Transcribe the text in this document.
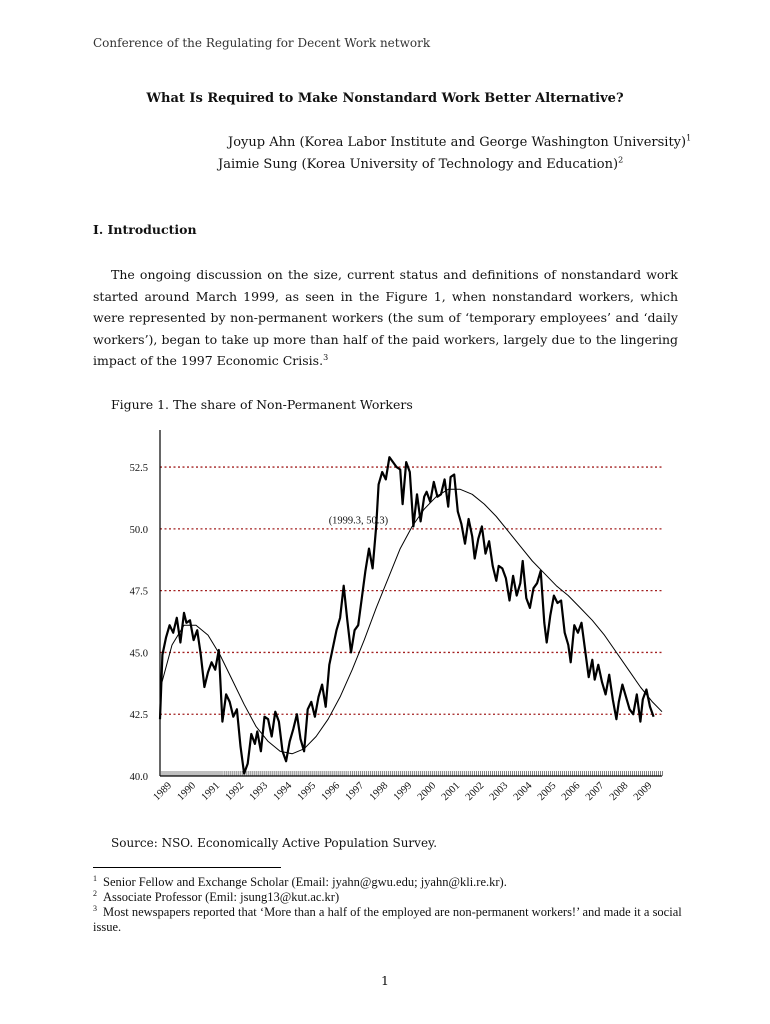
Conference of the Regulating for Decent Work network
What Is Required to Make Nonstandard Work Better Alternative?
Joyup Ahn (Korea Labor Institute and George Washington University)$^1$
Jaimie Sung (Korea University of Technology and Education)$^2$
I. Introduction
The ongoing discussion on the size, current status and definitions of nonstandard work started around March 1999, as seen in the Figure 1, when nonstandard workers, which were represented by non-permanent workers (the sum of ‘temporary employees’ and ‘daily workers’), began to take up more than half of the paid workers, largely due to the lingering impact of the 1997 Economic Crisis.$^3$
Figure 1. The share of Non-Permanent Workers
52.5
50.0
47.5
45.0
42.5
40.0
1989 1990 1991 1992 1993 1994 1995 1996 1997 1998 1999 2000 2001 2002 2003 2004 2005 2006 2007 2008 2009
(1999.3, 50.3)
Source: NSO. Economically Active Population Survey.
$^1$ Senior Fellow and Exchange Scholar (Email: jyahn@gwu.edu; jyahn@kli.re.kr).
$^2$ Associate Professor (Emil: jsung13@kut.ac.kr)
$^3$ Most newspapers reported that ‘More than a half of the employed are non-permanent workers!’ and made it a social issue.
1
